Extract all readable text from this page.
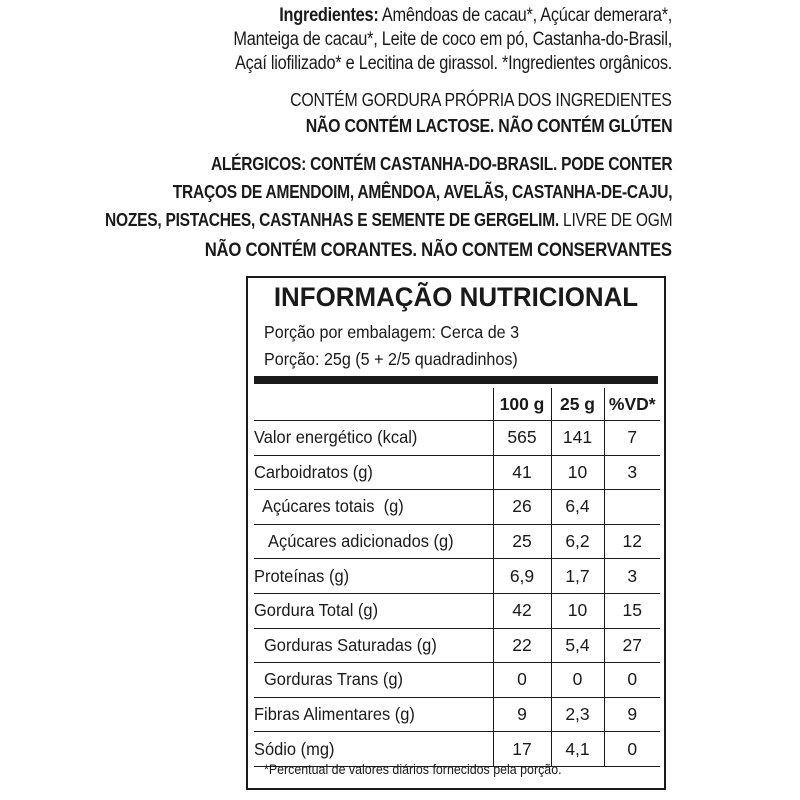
Ingredientes: Amêndoas de cacau*, Açúcar demerara*,
Manteiga de cacau*, Leite de coco em pó, Castanha-do-Brasil,
Açaí liofilizado* e Lecitina de girassol. *Ingredientes orgânicos.
CONTÉM GORDURA PRÓPRIA DOS INGREDIENTES
NÃO CONTÉM LACTOSE. NÃO CONTÉM GLÚTEN
ALÉRGICOS: CONTÉM CASTANHA-DO-BRASIL. PODE CONTER
TRAÇOS DE AMENDOIM, AMÊNDOA, AVELÃS, CASTANHA-DE-CAJU,
NOZES, PISTACHES, CASTANHAS E SEMENTE DE GERGELIM. LIVRE DE OGM
NÃO CONTÉM CORANTES. NÃO CONTEM CONSERVANTES
INFORMAÇÃO NUTRICIONAL
Porção por embalagem: Cerca de 3
Porção: 25g (5 + 2/5 quadradinhos)
	100 g	25 g	%VD*
Valor energético (kcal)	565	141	7
Carboidratos (g)	41	10	3
Açúcares totais  (g)	26	6,4	
Açúcares adicionados (g)	25	6,2	12
Proteínas (g)	6,9	1,7	3
Gordura Total (g)	42	10	15
Gorduras Saturadas (g)	22	5,4	27
Gorduras Trans (g)	0	0	0
Fibras Alimentares (g)	9	2,3	9
Sódio (mg)	17	4,1	0
*Percentual de valores diários fornecidos pela porção.
